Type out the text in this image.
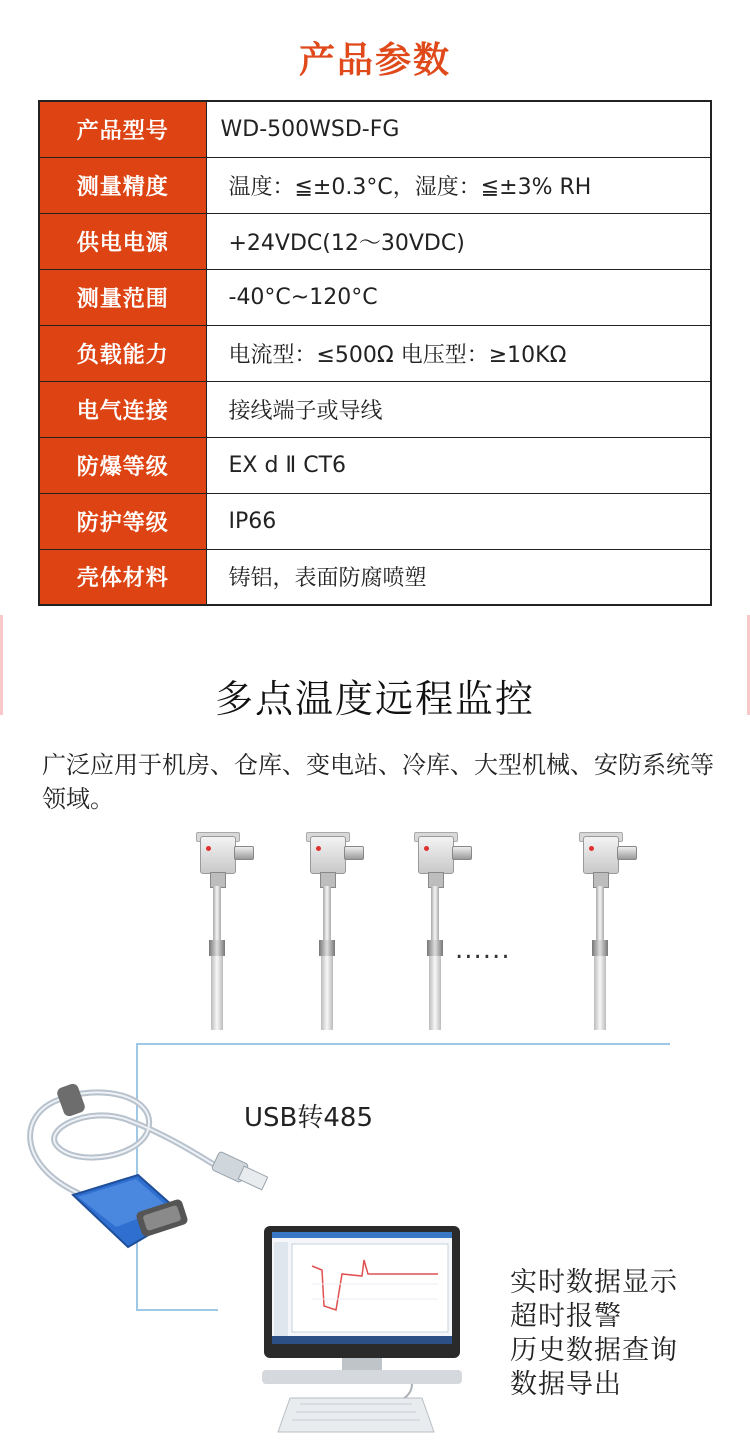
产品参数
产品型号	WD-500WSD-FG
测量精度	温度：≦±0.3°C，湿度：≦±3% RH
供电电源	+24VDC(12～30VDC)
测量范围	-40°C~120°C
负载能力	电流型：≤500Ω 电压型：≥10KΩ
电气连接	接线端子或导线
防爆等级	EX d Ⅱ CT6
防护等级	IP66
壳体材料	铸铝，表面防腐喷塑
多点温度远程监控

广泛应用于机房、仓库、变电站、冷库、大型机械、安防系统等领域。

......
USB转485
实时数据显示
超时报警
历史数据查询
数据导出
